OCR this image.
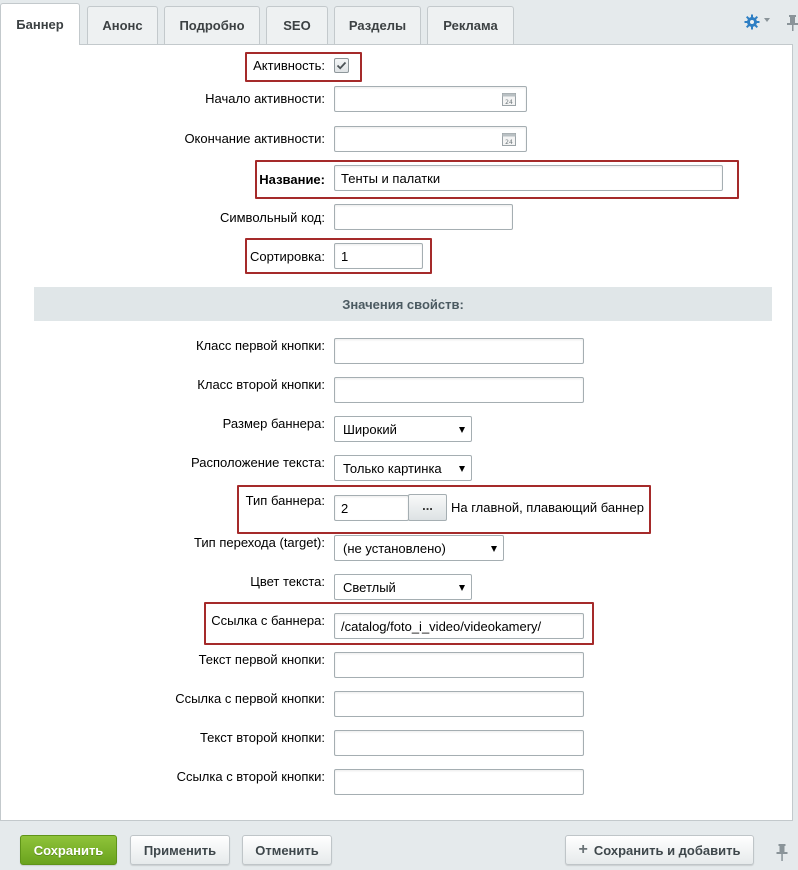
Баннер	Анонс	Подробно	SEO	Разделы	Реклама
Активность:
Начало активности:	24
Окончание активности:	24
Название: Тенты и палатки
Символьный код:
Сортировка: 1
Значения свойств:
Класс первой кнопки:
Класс второй кнопки:
Размер баннера: Широкий
Расположение текста: Только картинка
Тип баннера: 2	... На главной, плавающий баннер
Тип перехода (target): (не установлено)
Цвет текста: Светлый
Ссылка с баннера: /catalog/foto_i_video/videokamery/
Текст первой кнопки:
Ссылка с первой кнопки:
Текст второй кнопки:
Ссылка с второй кнопки:
Сохранить	Применить	Отменить	+ Сохранить и добавить
